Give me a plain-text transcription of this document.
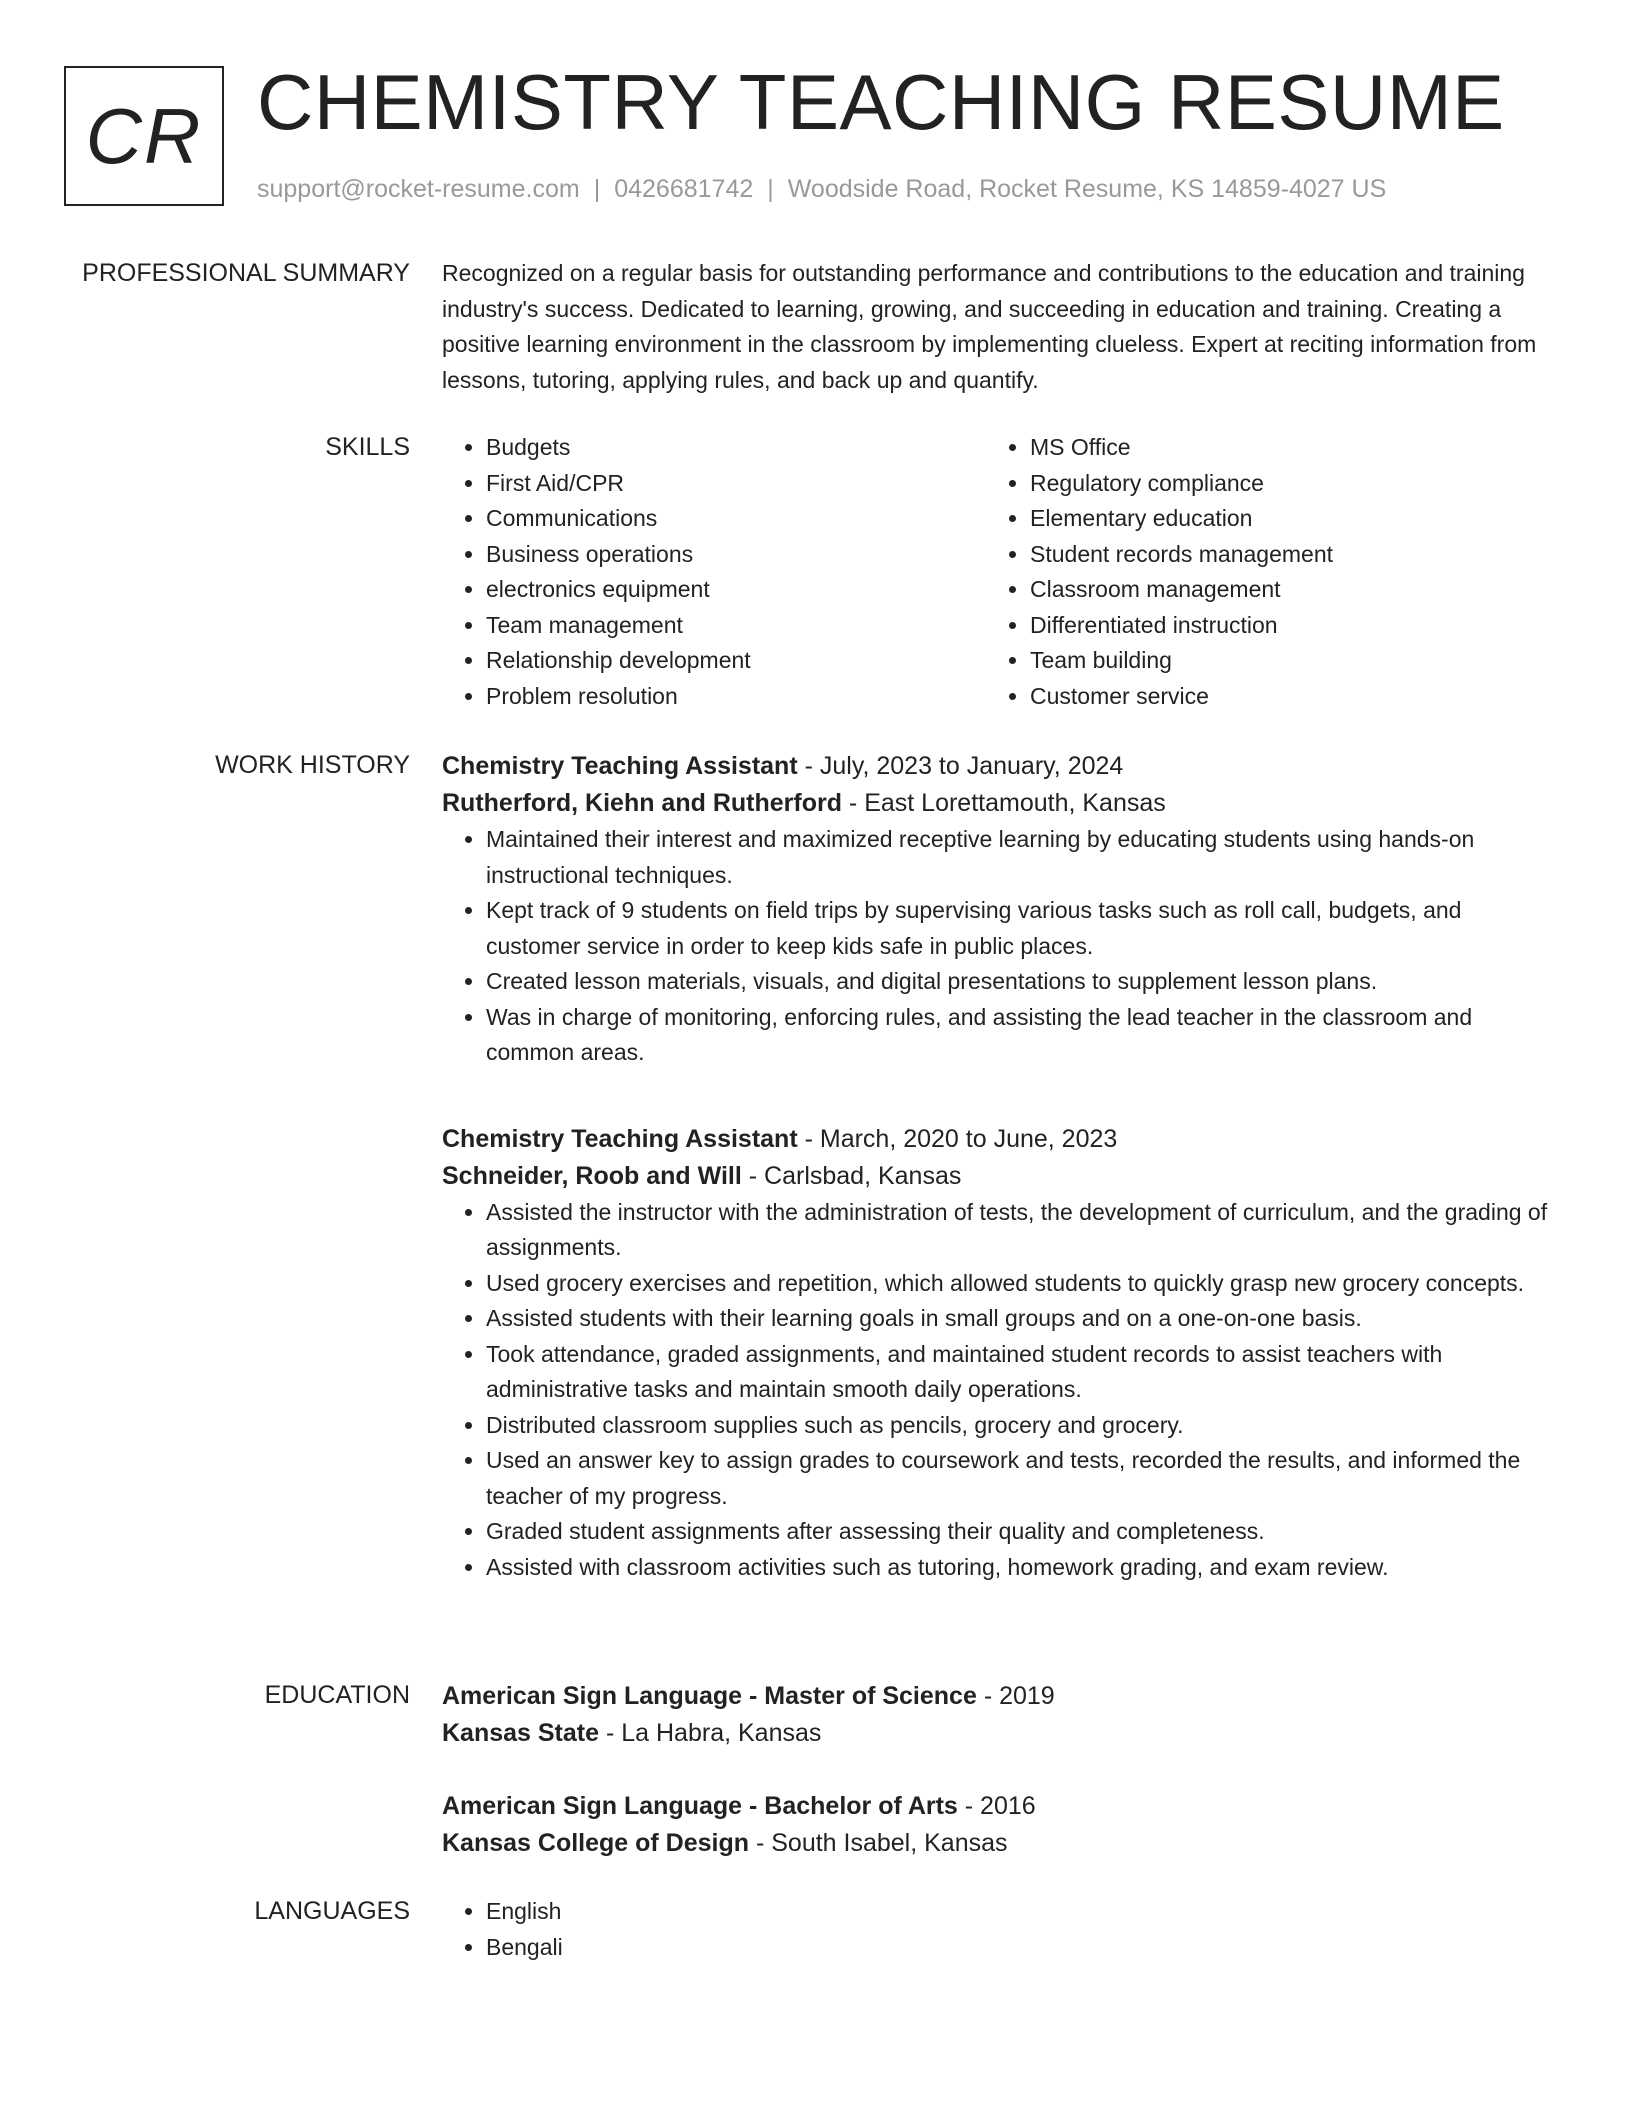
CR CHEMISTRY TEACHING RESUME
support@rocket-resume.com | 0426681742 | Woodside Road, Rocket Resume, KS 14859-4027 US
PROFESSIONAL SUMMARY Recognized on a regular basis for outstanding performance and contributions to the education and training industry's success. Dedicated to learning, growing, and succeeding in education and training. Creating a positive learning environment in the classroom by implementing clueless. Expert at reciting information from lessons, tutoring, applying rules, and back up and quantify.

SKILLS	• Budgets
• First Aid/CPR
• Communications
• Business operations
• electronics equipment
• Team management
• Relationship development
• Problem resolution
• MS Office
• Regulatory compliance
• Elementary education
• Student records management
• Classroom management
• Differentiated instruction
• Team building
• Customer service
WORK HISTORY Chemistry Teaching Assistant - July, 2023 to January, 2024
Rutherford, Kiehn and Rutherford - East Lorettamouth, Kansas
• Maintained their interest and maximized receptive learning by educating students using hands-on instructional techniques.
• Kept track of 9 students on field trips by supervising various tasks such as roll call, budgets, and customer service in order to keep kids safe in public places.
• Created lesson materials, visuals, and digital presentations to supplement lesson plans.
• Was in charge of monitoring, enforcing rules, and assisting the lead teacher in the classroom and common areas.
Chemistry Teaching Assistant - March, 2020 to June, 2023
Schneider, Roob and Will - Carlsbad, Kansas
• Assisted the instructor with the administration of tests, the development of curriculum, and the grading of assignments.
• Used grocery exercises and repetition, which allowed students to quickly grasp new grocery concepts.
• Assisted students with their learning goals in small groups and on a one-on-one basis.
• Took attendance, graded assignments, and maintained student records to assist teachers with administrative tasks and maintain smooth daily operations.
• Distributed classroom supplies such as pencils, grocery and grocery.
• Used an answer key to assign grades to coursework and tests, recorded the results, and informed the teacher of my progress.
• Graded student assignments after assessing their quality and completeness.
• Assisted with classroom activities such as tutoring, homework grading, and exam review.
EDUCATION American Sign Language - Master of Science - 2019
Kansas State - La Habra, Kansas
American Sign Language - Bachelor of Arts - 2016
Kansas College of Design - South Isabel, Kansas
LANGUAGES	• English
• Bengali
